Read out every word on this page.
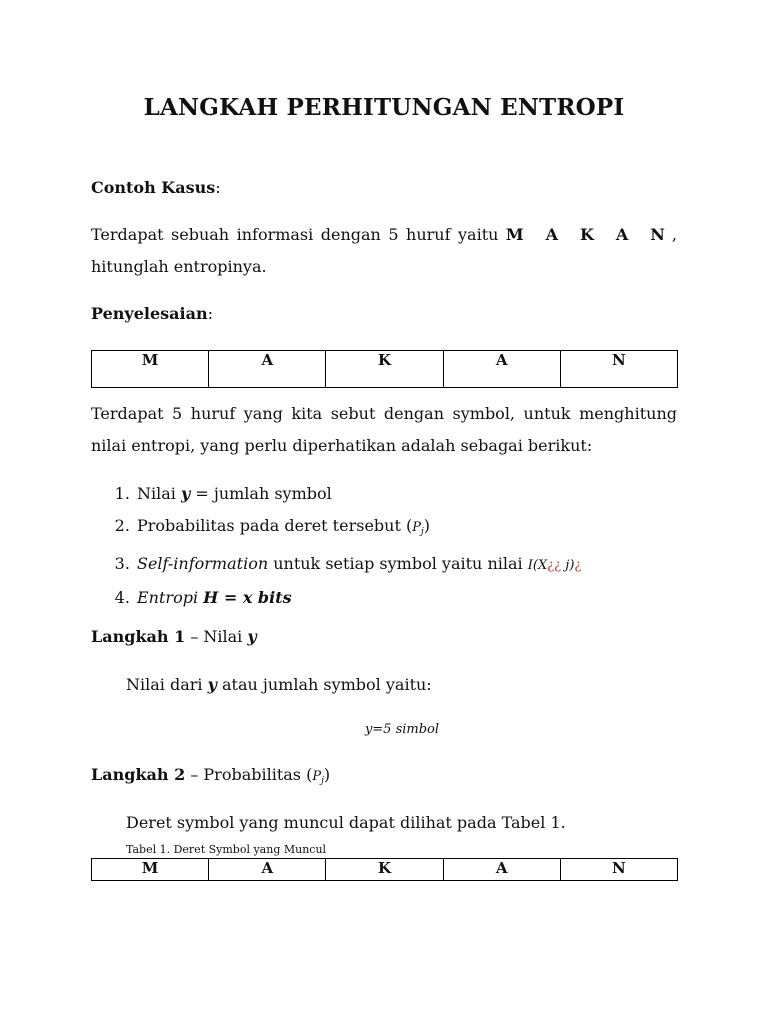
LANGKAH PERHITUNGAN ENTROPI
Contoh Kasus:
Terdapat sebuah informasi dengan 5 huruf yaitu M A K A N, hitunglah entropinya.
Penyelesaian:
M	A	K	A	N
Terdapat 5 huruf yang kita sebut dengan symbol, untuk menghitung nilai entropi, yang perlu diperhatikan adalah sebagai berikut:
1. Nilai y = jumlah symbol
2. Probabilitas pada deret tersebut $(P_j)$
3. Self-information untuk setiap symbol yaitu nilai I(X¿¿ j)¿
4. Entropi H = x bits
Langkah 1 – Nilai y
Nilai dari y atau jumlah symbol yaitu:
y=5 simbol
Langkah 2 – Probabilitas $(P_j)$
Deret symbol yang muncul dapat dilihat pada Tabel 1.
Tabel 1. Deret Symbol yang Muncul
M	A	K	A	N
